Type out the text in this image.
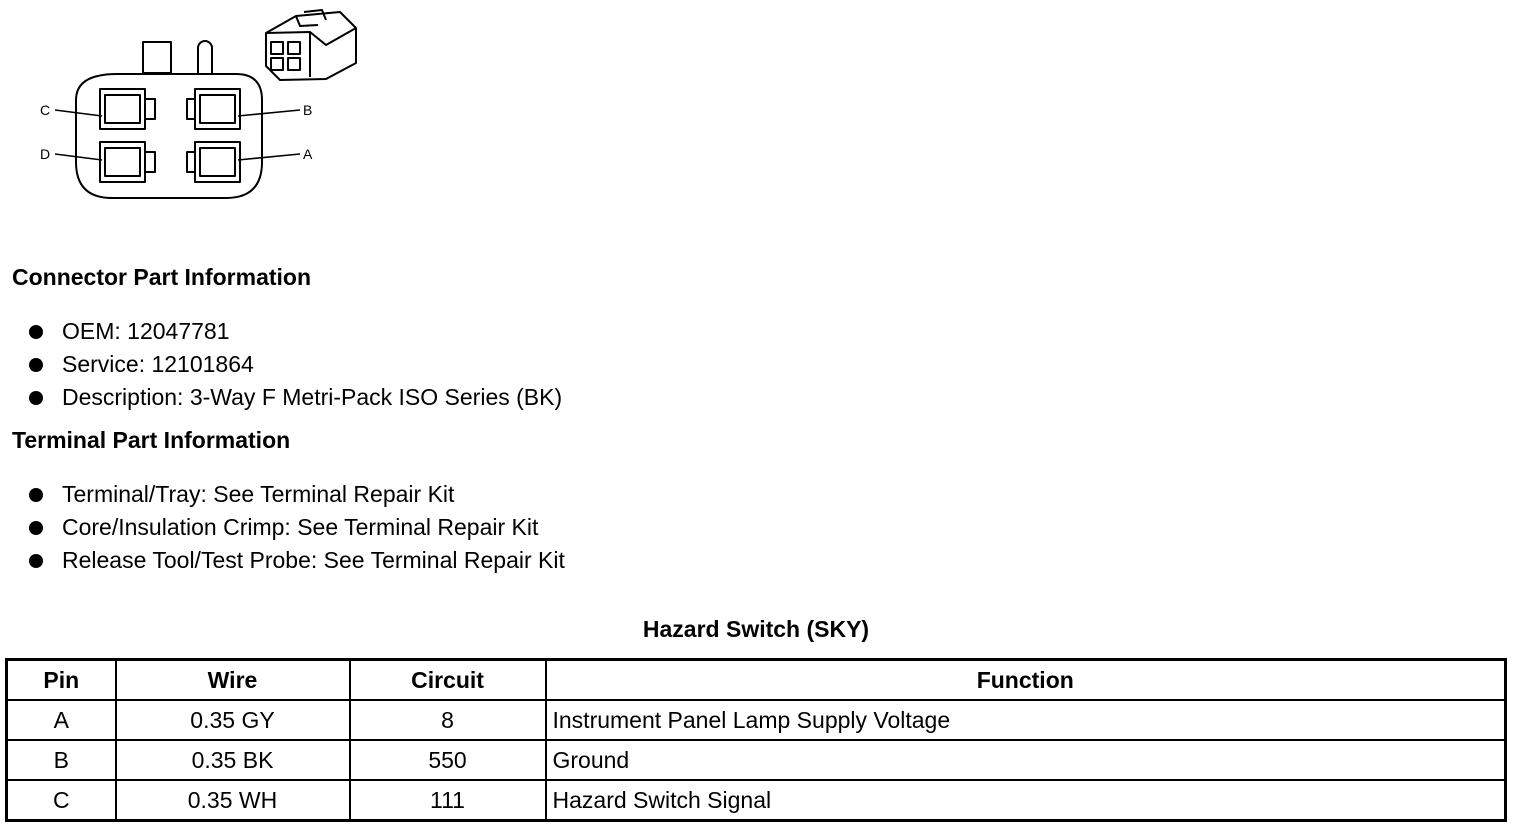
C	B
D	A
Connector Part Information
OEM: 12047781
Service: 12101864
Description: 3-Way F Metri-Pack ISO Series (BK)
Terminal Part Information
Terminal/Tray: See Terminal Repair Kit
Core/Insulation Crimp: See Terminal Repair Kit
Release Tool/Test Probe: See Terminal Repair Kit
Hazard Switch (SKY)
Pin	Wire	Circuit	Function
A	0.35 GY	8	Instrument Panel Lamp Supply Voltage
B	0.35 BK	550	Ground
C	0.35 WH	111	Hazard Switch Signal
